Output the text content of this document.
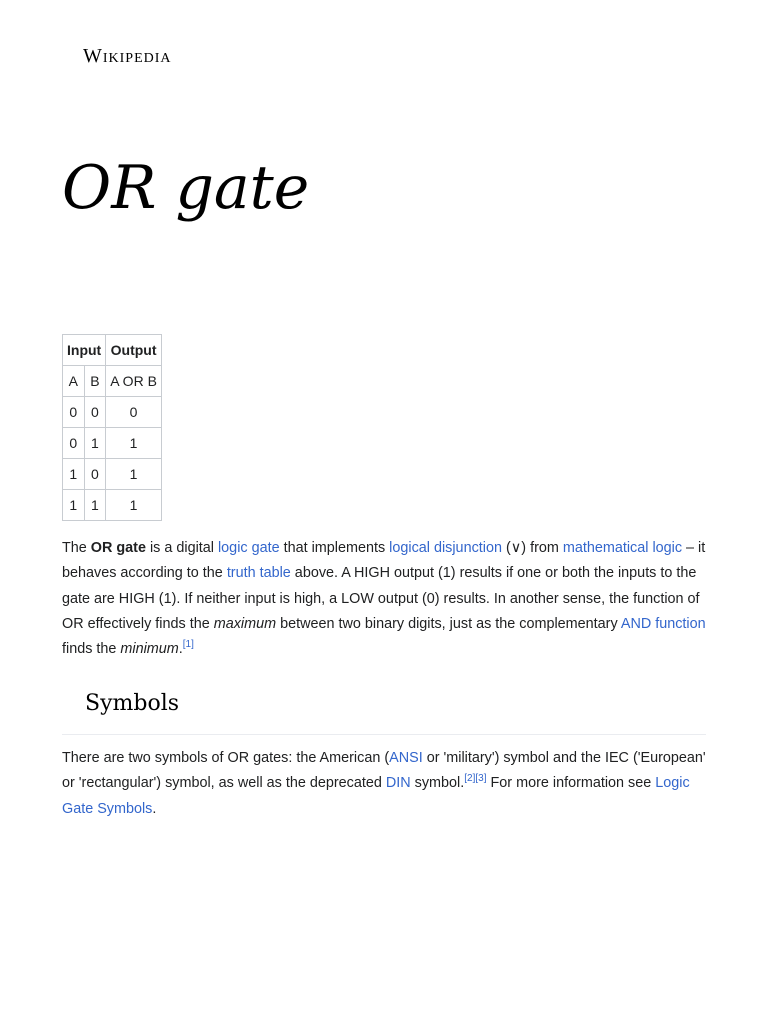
Wikipedia
OR gate
Input		Output
A	B	A OR B
0	0	0
0	1	1
1	0	1
1	1	1

The OR gate is a digital logic gate that implements logical disjunction (∨) from mathematical logic – it behaves according to the truth table above. A HIGH output (1) results if one or both the inputs to the gate are HIGH (1). If neither input is high, a LOW output (0) results. In another sense, the function of OR effectively finds the maximum between two binary digits, just as the complementary AND function finds the minimum.[1]

Symbols

There are two symbols of OR gates: the American (ANSI or 'military') symbol and the IEC ('European' or 'rectangular') symbol, as well as the deprecated DIN symbol.[2][3] For more information see Logic Gate Symbols.
